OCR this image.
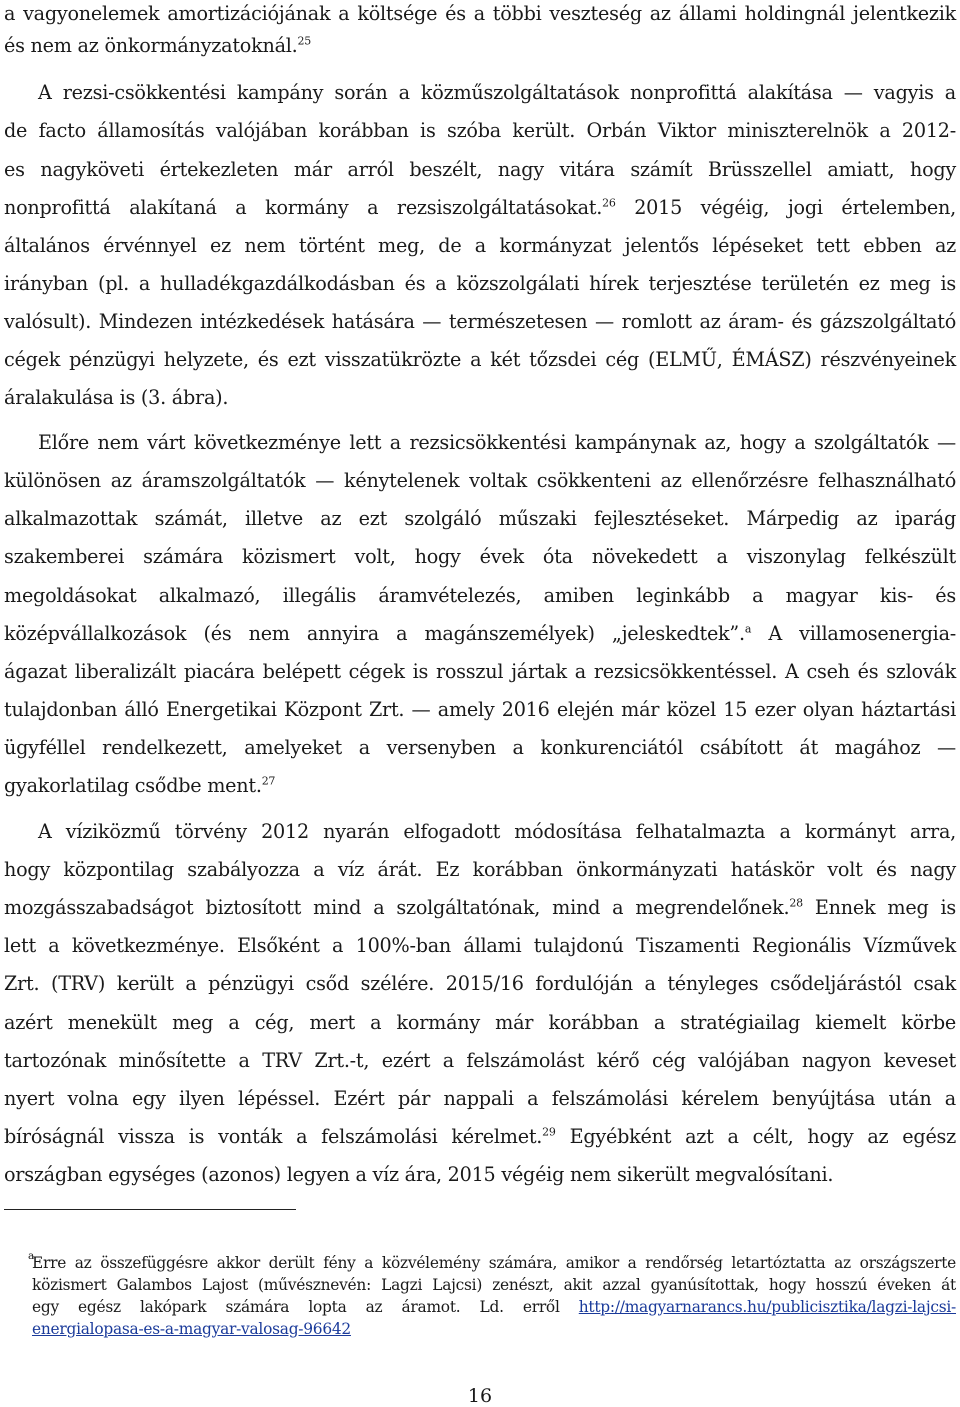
a vagyonelemek amortizációjának a költsége és a többi veszteség az állami holdingnál jelentkezik
és nem az önkormányzatoknál.$^{25}$
A rezsi-csökkentési kampány során a közműszolgáltatások nonprofittá alakítása — vagyis a
de facto államosítás valójában korábban is szóba került. Orbán Viktor miniszterelnök a 2012-
es nagyköveti értekezleten már arról beszélt, nagy vitára számít Brüsszellel amiatt, hogy
nonprofittá alakítaná a kormány a rezsiszolgáltatásokat.$^{26}$ 2015 végéig, jogi értelemben,
általános érvénnyel ez nem történt meg, de a kormányzat jelentős lépéseket tett ebben az
irányban (pl. a hulladékgazdálkodásban és a közszolgálati hírek terjesztése területén ez meg is
valósult). Mindezen intézkedések hatására — természetesen — romlott az áram- és gázszolgáltató
cégek pénzügyi helyzete, és ezt visszatükrözte a két tőzsdei cég (ELMŰ, ÉMÁSZ) részvényeinek
áralakulása is (3. ábra).
Előre nem várt következménye lett a rezsicsökkentési kampánynak az, hogy a szolgáltatók —
különösen az áramszolgáltatók — kénytelenek voltak csökkenteni az ellenőrzésre felhasználható
alkalmazottak számát, illetve az ezt szolgáló műszaki fejlesztéseket. Márpedig az iparág
szakemberei számára közismert volt, hogy évek óta növekedett a viszonylag felkészült
megoldásokat alkalmazó, illegális áramvételezés, amiben leginkább a magyar kis- és
középvállalkozások (és nem annyira a magánszemélyek) „jeleskedtek”.$^a$ A villamosenergia-
ágazat liberalizált piacára belépett cégek is rosszul jártak a rezsicsökkentéssel. A cseh és szlovák
tulajdonban álló Energetikai Központ Zrt. — amely 2016 elején már közel 15 ezer olyan háztartási
ügyféllel rendelkezett, amelyeket a versenyben a konkurenciától csábított át magához —
gyakorlatilag csődbe ment.$^{27}$
A víziközmű törvény 2012 nyarán elfogadott módosítása felhatalmazta a kormányt arra,
hogy központilag szabályozza a víz árát. Ez korábban önkormányzati hatáskör volt és nagy
mozgásszabadságot biztosított mind a szolgáltatónak, mind a megrendelőnek.$^{28}$ Ennek meg is
lett a következménye. Elsőként a 100%-ban állami tulajdonú Tiszamenti Regionális Vízművek
Zrt. (TRV) került a pénzügyi csőd szélére. 2015/16 fordulóján a tényleges csődeljárástól csak
azért menekült meg a cég, mert a kormány már korábban a stratégiailag kiemelt körbe
tartozónak minősítette a TRV Zrt.-t, ezért a felszámolást kérő cég valójában nagyon keveset
nyert volna egy ilyen lépéssel. Ezért pár nappali a felszámolási kérelem benyújtása után a
bíróságnál vissza is vonták a felszámolási kérelmet.$^{29}$ Egyébként azt a célt, hogy az egész
országban egységes (azonos) legyen a víz ára, 2015 végéig nem sikerült megvalósítani.
a
Erre az összefüggésre akkor derült fény a közvélemény számára, amikor a rendőrség letartóztatta az országszerte
közismert Galambos Lajost (művésznevén: Lagzi Lajcsi) zenészt, akit azzal gyanúsítottak, hogy hosszú éveken át
egy egész lakópark számára lopta az áramot. Ld. erről http://magyarnarancs.hu/publicisztika/lagzi-lajcsi-
energialopasa-es-a-magyar-valosag-96642
16
